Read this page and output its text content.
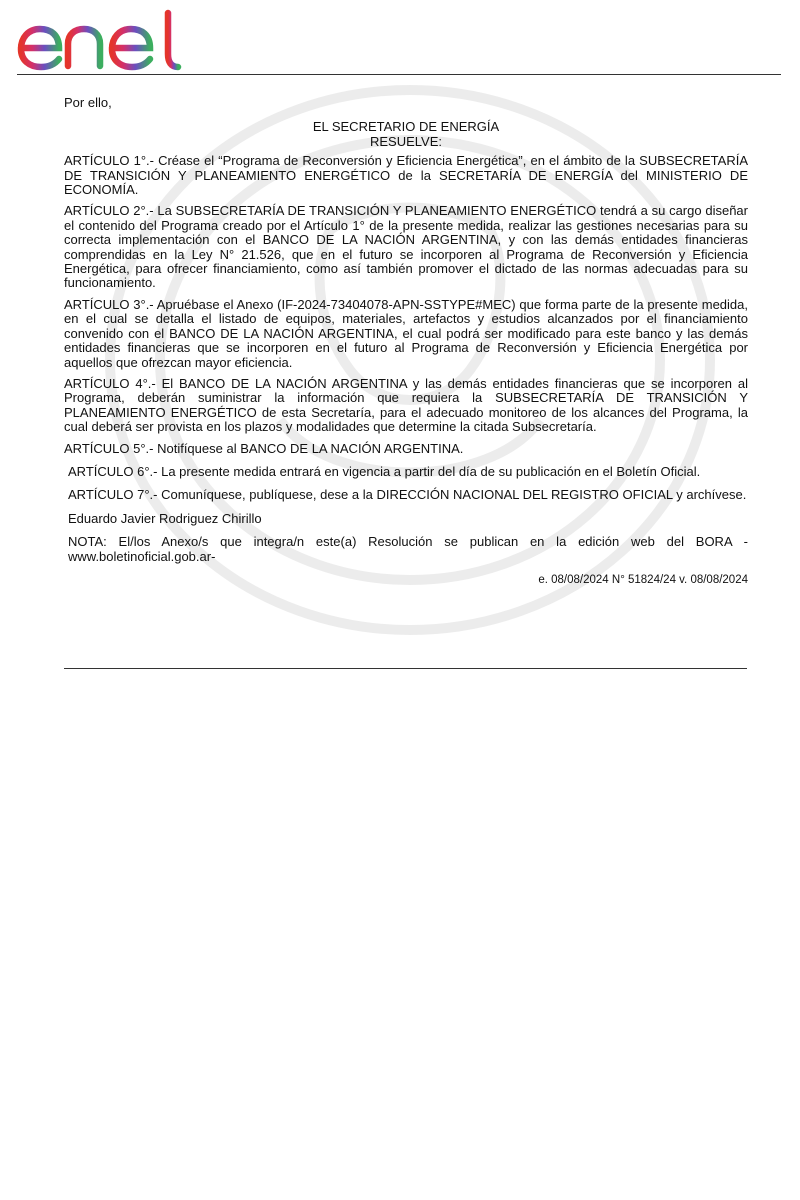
Por ello,

EL SECRETARIO DE ENERGÍA

RESUELVE:

ARTÍCULO 1°.- Créase el “Programa de Reconversión y Eficiencia Energética”, en el ámbito de la SUBSECRETARÍA DE TRANSICIÓN Y PLANEAMIENTO ENERGÉTICO de la SECRETARÍA DE ENERGÍA del MINISTERIO DE ECONOMÍA.

ARTÍCULO 2°.- La SUBSECRETARÍA DE TRANSICIÓN Y PLANEAMIENTO ENERGÉTICO tendrá a su cargo diseñar el contenido del Programa creado por el Artículo 1° de la presente medida, realizar las gestiones necesarias para su correcta implementación con el BANCO DE LA NACIÓN ARGENTINA, y con las demás entidades financieras comprendidas en la Ley N° 21.526, que en el futuro se incorporen al Programa de Reconversión y Eficiencia Energética, para ofrecer financiamiento, como así también promover el dictado de las normas adecuadas para su funcionamiento.

ARTÍCULO 3°.- Apruébase el Anexo (IF-2024-73404078-APN-SSTYPE#MEC) que forma parte de la presente medida, en el cual se detalla el listado de equipos, materiales, artefactos y estudios alcanzados por el financiamiento convenido con el BANCO DE LA NACIÓN ARGENTINA, el cual podrá ser modificado para este banco y las demás entidades financieras que se incorporen en el futuro al Programa de Reconversión y Eficiencia Energética por aquellos que ofrezcan mayor eficiencia.

ARTÍCULO 4°.- El BANCO DE LA NACIÓN ARGENTINA y las demás entidades financieras que se incorporen al Programa, deberán suministrar la información que requiera la SUBSECRETARÍA DE TRANSICIÓN Y PLANEAMIENTO ENERGÉTICO de esta Secretaría, para el adecuado monitoreo de los alcances del Programa, la cual deberá ser provista en los plazos y modalidades que determine la citada Subsecretaría.

ARTÍCULO 5°.- Notifíquese al BANCO DE LA NACIÓN ARGENTINA.

ARTÍCULO 6°.- La presente medida entrará en vigencia a partir del día de su publicación en el Boletín Oficial.

ARTÍCULO 7°.- Comuníquese, publíquese, dese a la DIRECCIÓN NACIONAL DEL REGISTRO OFICIAL y archívese.

Eduardo Javier Rodriguez Chirillo

NOTA: El/los Anexo/s que integra/n este(a) Resolución se publican en la edición web del BORA -www.boletinoficial.gob.ar-

e. 08/08/2024 N° 51824/24 v. 08/08/2024
